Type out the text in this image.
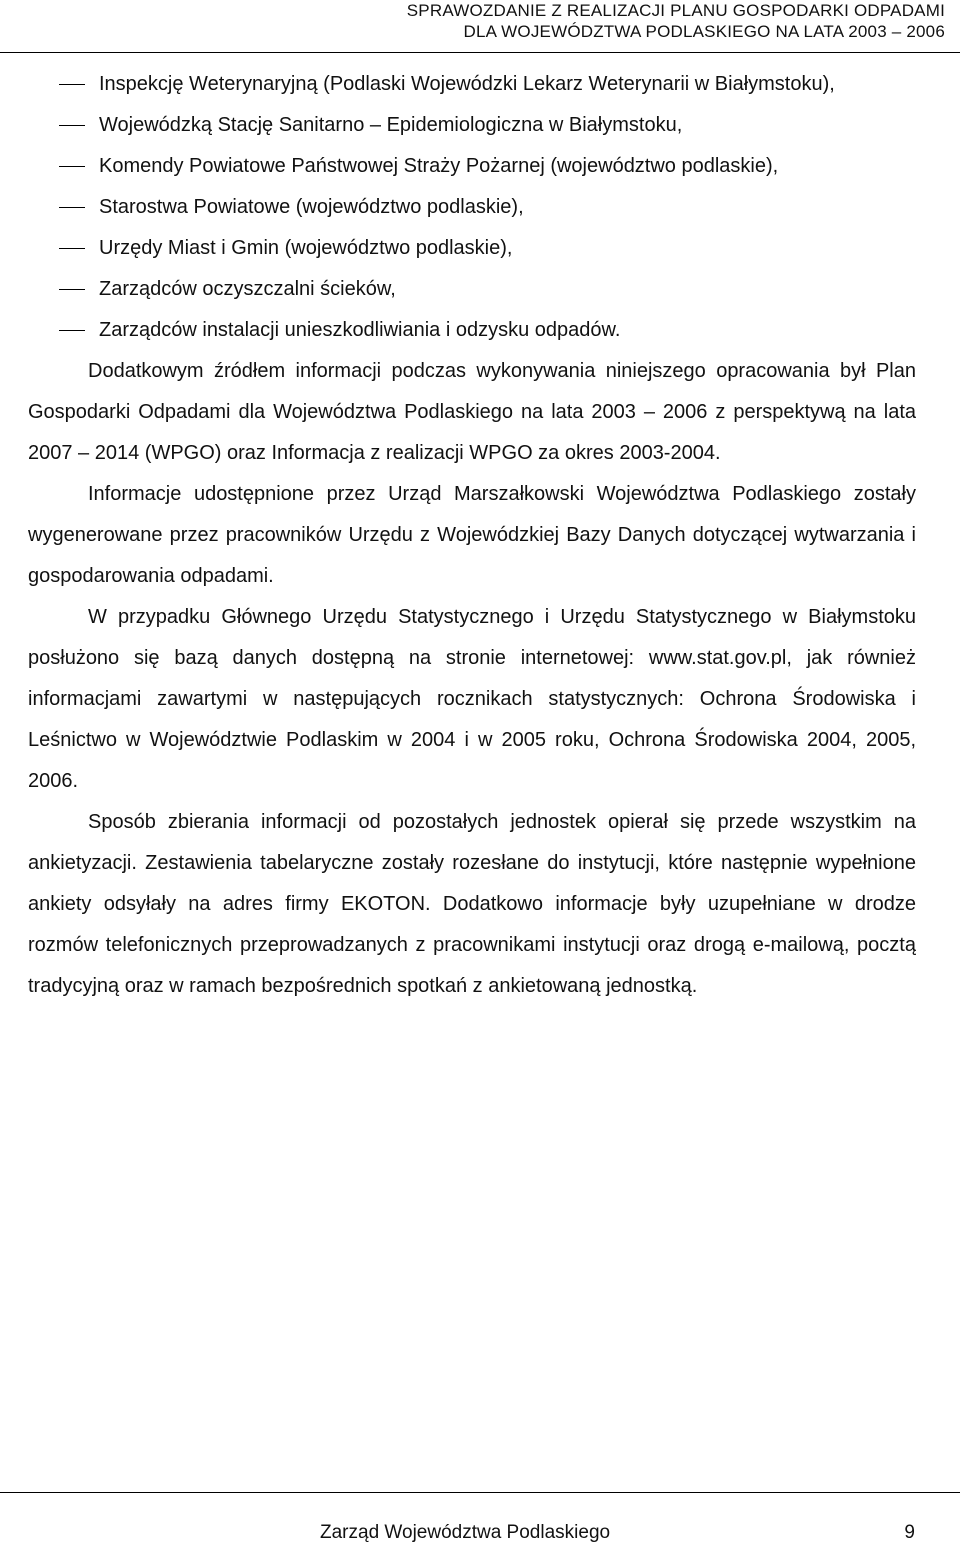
SPRAWOZDANIE Z REALIZACJI PLANU GOSPODARKI ODPADAMI
DLA WOJEWÓDZTWA PODLASKIEGO NA LATA 2003 – 2006
Inspekcję Weterynaryjną (Podlaski Wojewódzki Lekarz Weterynarii w Białymstoku),
Wojewódzką Stację Sanitarno – Epidemiologiczna w Białymstoku,
Komendy Powiatowe Państwowej Straży Pożarnej (województwo podlaskie),
Starostwa Powiatowe (województwo podlaskie),
Urzędy Miast i Gmin (województwo podlaskie),
Zarządców oczyszczalni ścieków,
Zarządców instalacji unieszkodliwiania i odzysku odpadów.

Dodatkowym źródłem informacji podczas wykonywania niniejszego opracowania był Plan Gospodarki Odpadami dla Województwa Podlaskiego na lata 2003 – 2006 z perspektywą na lata 2007 – 2014 (WPGO) oraz Informacja z realizacji WPGO za okres 2003-2004.

Informacje udostępnione przez Urząd Marszałkowski Województwa Podlaskiego zostały wygenerowane przez pracowników Urzędu z Wojewódzkiej Bazy Danych dotyczącej wytwarzania i gospodarowania odpadami.

W przypadku Głównego Urzędu Statystycznego i Urzędu Statystycznego w Białymstoku posłużono się bazą danych dostępną na stronie internetowej: www.stat.gov.pl, jak również informacjami zawartymi w następujących rocznikach statystycznych: Ochrona Środowiska i Leśnictwo w Województwie Podlaskim w 2004 i w 2005 roku, Ochrona Środowiska 2004, 2005, 2006.

Sposób zbierania informacji od pozostałych jednostek opierał się przede wszystkim na ankietyzacji. Zestawienia tabelaryczne zostały rozesłane do instytucji, które następnie wypełnione ankiety odsyłały na adres firmy EKOTON. Dodatkowo informacje były uzupełniane w drodze rozmów telefonicznych przeprowadzanych z pracownikami instytucji oraz drogą e-mailową, pocztą tradycyjną oraz w ramach bezpośrednich spotkań z ankietowaną jednostką.

Zarząd Województwa Podlaskiego	9
